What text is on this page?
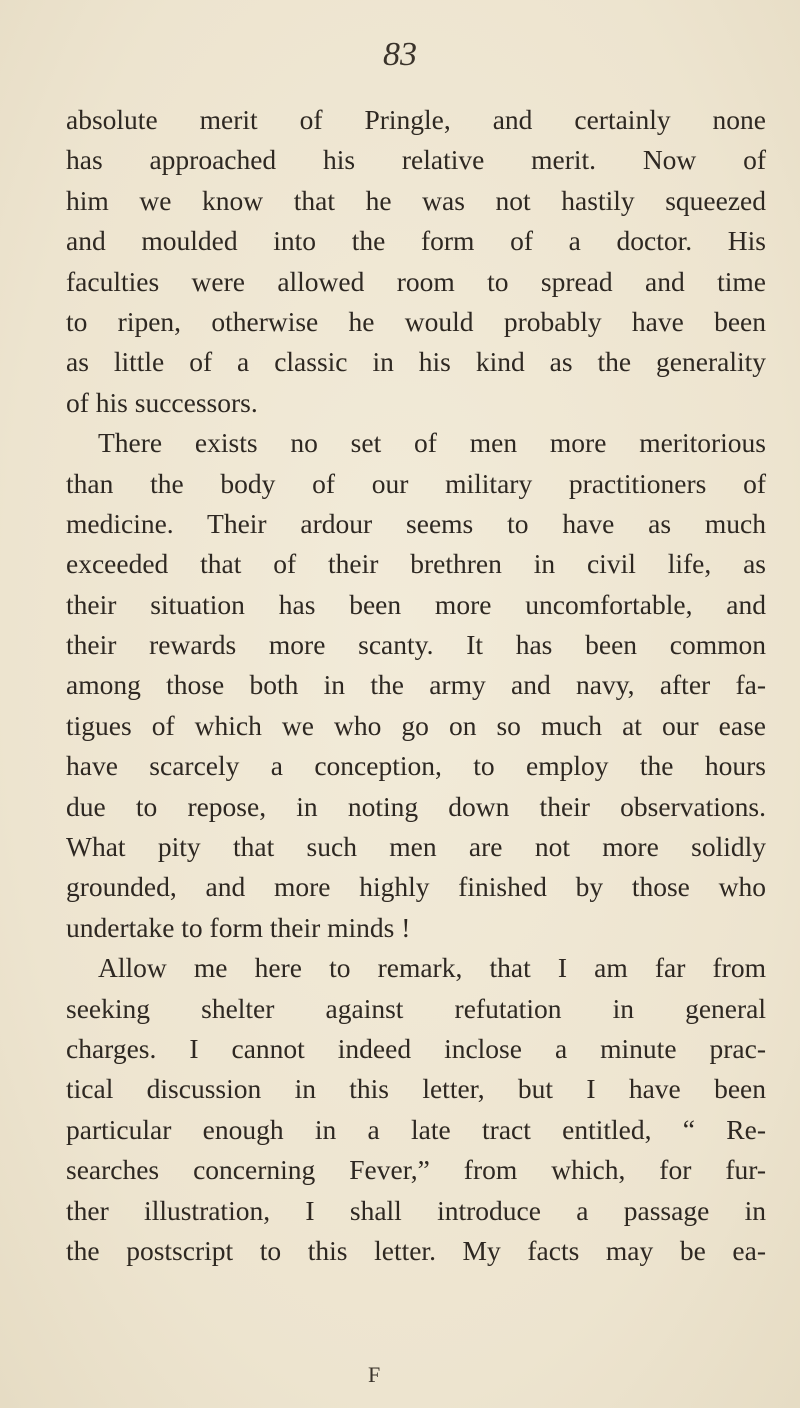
83
absolute merit of Pringle, and certainly none
has approached his relative merit. Now of
him we know that he was not hastily squeezed
and moulded into the form of a doctor. His
faculties were allowed room to spread and time
to ripen, otherwise he would probably have been
as little of a classic in his kind as the generality
of his successors.
There exists no set of men more meritorious
than the body of our military practitioners of
medicine. Their ardour seems to have as much
exceeded that of their brethren in civil life, as
their situation has been more uncomfortable, and
their rewards more scanty. It has been common
among those both in the army and navy, after fa-
tigues of which we who go on so much at our ease
have scarcely a conception, to employ the hours
due to repose, in noting down their observations.
What pity that such men are not more solidly
grounded, and more highly finished by those who
undertake to form their minds !
Allow me here to remark, that I am far from
seeking shelter against refutation in general
charges. I cannot indeed inclose a minute prac-
tical discussion in this letter, but I have been
particular enough in a late tract entitled, “ Re-
searches concerning Fever,” from which, for fur-
ther illustration, I shall introduce a passage in
the postscript to this letter. My facts may be ea-
F
